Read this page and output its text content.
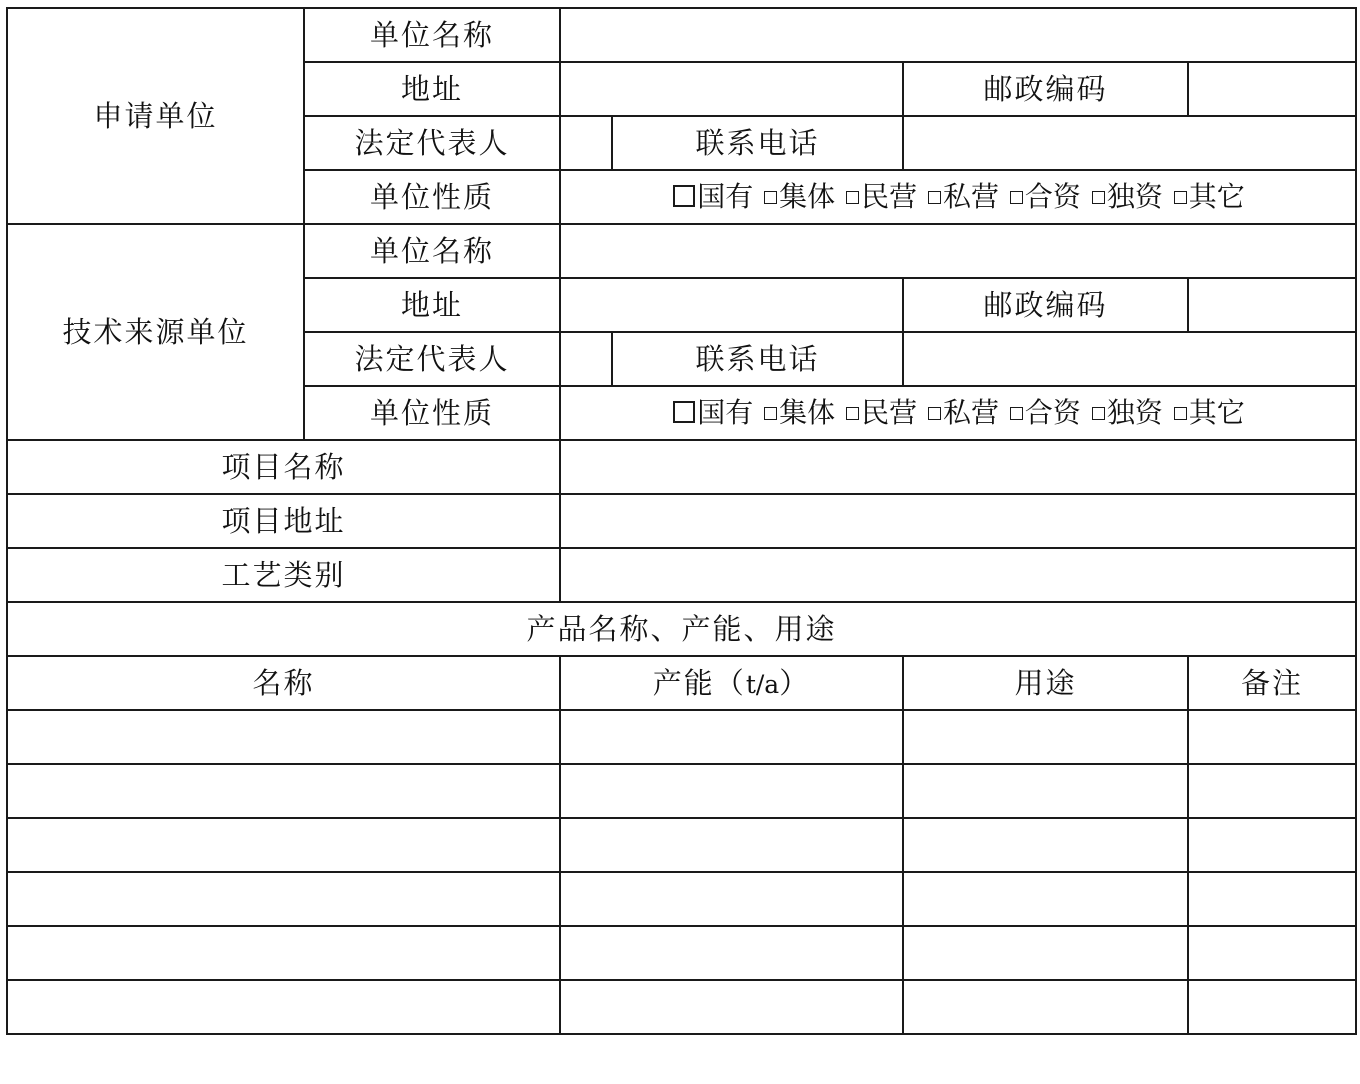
申请单位	单位名称				
	地址			邮政编码	
	法定代表人		联系电话		
	单位性质	国有 集体 民营 私营 合资 独资 其它			
技术来源单位	单位名称				
	地址			邮政编码	
	法定代表人		联系电话		
	单位性质	国有 集体 民营 私营 合资 独资 其它			
项目名称					
项目地址					
工艺类别					
产品名称、产能、用途					
名称		产能（t/a）		用途	备注
